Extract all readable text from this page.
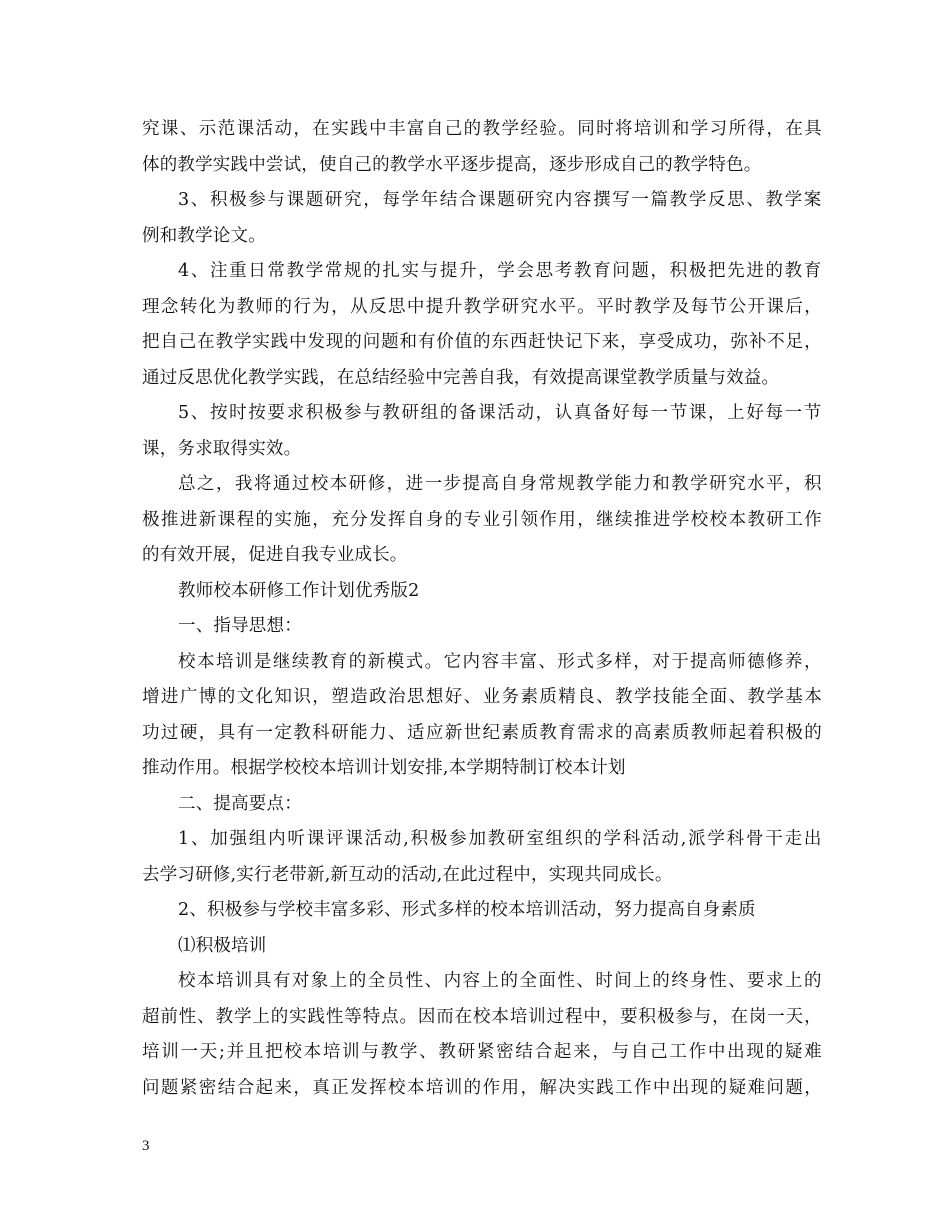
究 课 、 示 范 课 活 动 ， 在 实 践 中 丰 富 自 己 的 教 学 经 验 。 同 时 将 培 训 和 学 习 所 得 ， 在 具
体的教学实践中尝试，使自己的教学水平逐步提高，逐步形成自己的教学特色。
3 、 积 极 参 与 课 题 研 究 ， 每 学 年 结 合 课 题 研 究 内 容 撰 写 一 篇 教 学 反 思 、 教 学 案
例和教学论文。
4 、 注 重 日 常 教 学 常 规 的 扎 实 与 提 升 ， 学 会 思 考 教 育 问 题 ， 积 极 把 先 进 的 教 育
理 念 转 化 为 教 师 的 行 为 ， 从 反 思 中 提 升 教 学 研 究 水 平 。 平 时 教 学 及 每 节 公 开 课 后 ，
把 自 己 在 教 学 实 践 中 发 现 的 问 题 和 有 价 值 的 东 西 赶 快 记 下 来 ， 享 受 成 功 ， 弥 补 不 足 ，
通过反思优化教学实践，在总结经验中完善自我，有效提高课堂教学质量与效益。
5 、 按 时 按 要 求 积 极 参 与 教 研 组 的 备 课 活 动 ， 认 真 备 好 每 一 节 课 ， 上 好 每 一 节
课，务求取得实效。
总 之 ， 我 将 通 过 校 本 研 修 ， 进 一 步 提 高 自 身 常 规 教 学 能 力 和 教 学 研 究 水 平 ， 积
极 推 进 新 课 程 的 实 施 ， 充 分 发 挥 自 身 的 专 业 引 领 作 用 ， 继 续 推 进 学 校 校 本 教 研 工 作
的有效开展，促进自我专业成长。
教师校本研修工作计划优秀版2
一、指导思想：
校 本 培 训 是 继 续 教 育 的 新 模 式 。 它 内 容 丰 富 、 形 式 多 样 ， 对 于 提 高 师 德 修 养 ，
增 进 广 博 的 文 化 知 识 ， 塑 造 政 治 思 想 好 、 业 务 素 质 精 良 、 教 学 技 能 全 面 、 教 学 基 本
功 过 硬 ， 具 有 一 定 教 科 研 能 力 、 适 应 新 世 纪 素 质 教 育 需 求 的 高 素 质 教 师 起 着 积 极 的
推动作用。根据学校校本培训计划安排,本学期特制订校本计划
二、提高要点：
1 、 加 强 组 内 听 课 评 课 活 动 , 积 极 参 加 教 研 室 组 织 的 学 科 活 动 , 派 学 科 骨 干 走 出
去学习研修,实行老带新,新互动的活动,在此过程中，实现共同成长。
2、积极参与学校丰富多彩、形式多样的校本培训活动，努力提高自身素质
⑴积极培训
校 本 培 训 具 有 对 象 上 的 全 员 性 、 内 容 上 的 全 面 性 、 时 间 上 的 终 身 性 、 要 求 上 的
超 前 性 、 教 学 上 的 实 践 性 等 特 点 。 因 而 在 校 本 培 训 过 程 中 ， 要 积 极 参 与 ， 在 岗 一 天 ，
培 训 一 天 ; 并 且 把 校 本 培 训 与 教 学 、 教 研 紧 密 结 合 起 来 ， 与 自 己 工 作 中 出 现 的 疑 难
问 题 紧 密 结 合 起 来 ， 真 正 发 挥 校 本 培 训 的 作 用 ， 解 决 实 践 工 作 中 出 现 的 疑 难 问 题 ，
3
